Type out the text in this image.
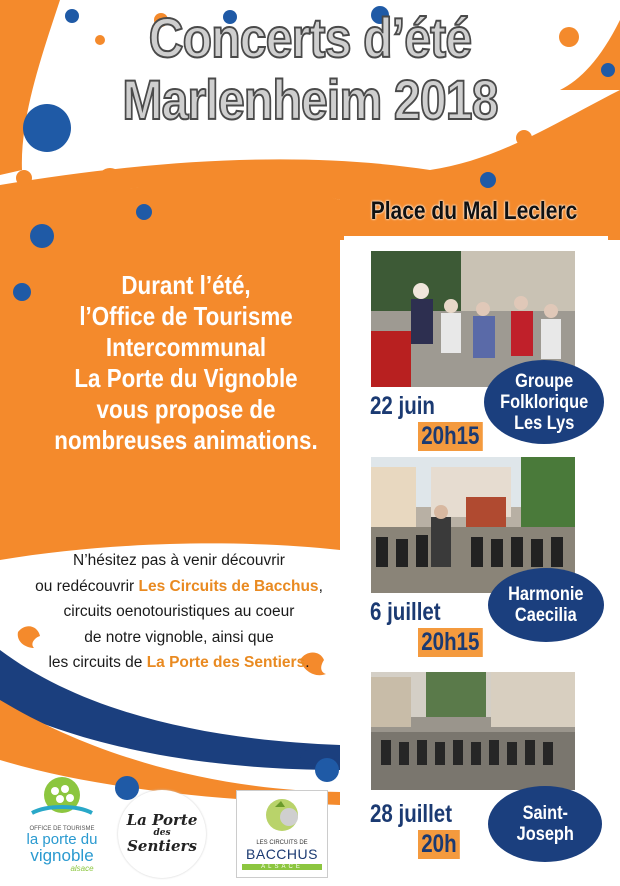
Concerts d’été
Marlenheim 2018
Place du Mal Leclerc
Durant l’été,
l’Office de Tourisme
Intercommunal
La Porte du Vignoble
vous propose de
nombreuses animations.
N’hésitez pas à venir découvrir
ou redécouvrir Les Circuits de Bacchus,
circuits oenotouristiques au coeur
de notre vignoble, ainsi que
les circuits de La Porte des Sentiers.
22 juin
20h15
Groupe
Folklorique
Les Lys
6 juillet
20h15
Harmonie
Caecilia
28 juillet
20h
Saint-
Joseph
OFFICE DE TOURISME
la porte du
vignoble
alsace
La Porte
des
Sentiers	LES CIRCUITS DE
BACCHUS
ALSACE
